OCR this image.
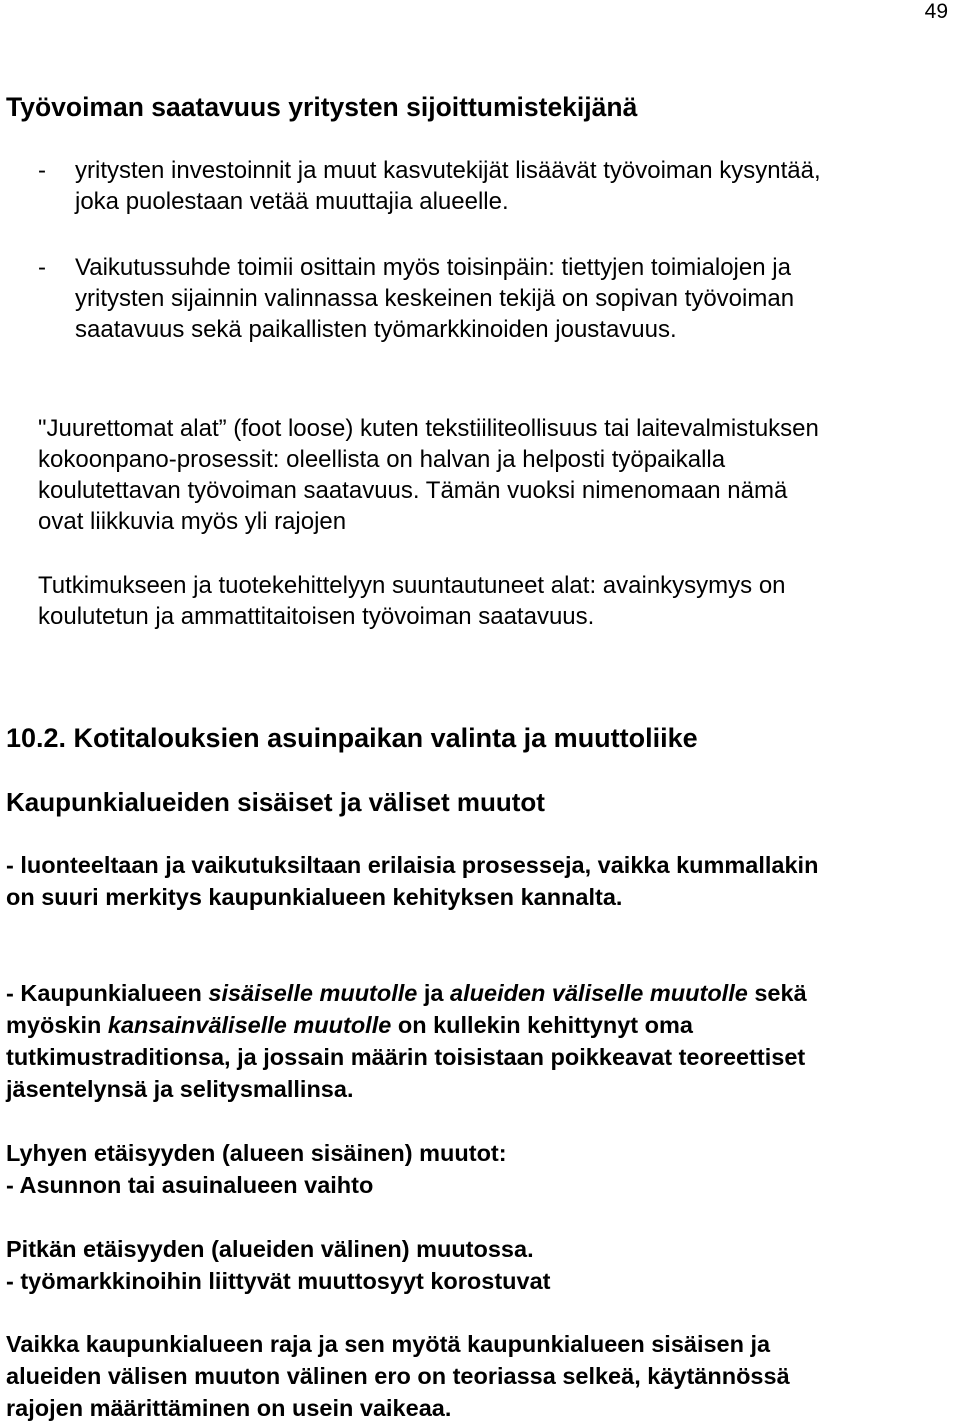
49
Työvoiman saatavuus yritysten sijoittumistekijänä
- yritysten investoinnit ja muut kasvutekijät lisäävät työvoiman kysyntää, joka puolestaan vetää muuttajia alueelle.
- Vaikutussuhde toimii osittain myös toisinpäin: tiettyjen toimialojen ja yritysten sijainnin valinnassa keskeinen tekijä on sopivan työvoiman saatavuus sekä paikallisten työmarkkinoiden joustavuus.

"Juurettomat alat” (foot loose) kuten tekstiiliteollisuus tai laitevalmistuksen kokoonpano-prosessit: oleellista on halvan ja helposti työpaikalla koulutettavan työvoiman saatavuus. Tämän vuoksi nimenomaan nämä ovat liikkuvia myös yli rajojen

Tutkimukseen ja tuotekehittelyyn suuntautuneet alat: avainkysymys on koulutetun ja ammattitaitoisen työvoiman saatavuus.

10.2. Kotitalouksien asuinpaikan valinta ja muuttoliike
Kaupunkialueiden sisäiset ja väliset muutot

- luonteeltaan ja vaikutuksiltaan erilaisia prosesseja, vaikka kummallakin on suuri merkitys kaupunkialueen kehityksen kannalta.

- Kaupunkialueen sisäiselle muutolle ja alueiden väliselle muutolle sekä myöskin kansainväliselle muutolle on kullekin kehittynyt oma tutkimustraditionsa, ja jossain määrin toisistaan poikkeavat teoreettiset jäsentelynsä ja selitysmallinsa.

Lyhyen etäisyyden (alueen sisäinen) muutot:

- Asunnon tai asuinalueen vaihto

Pitkän etäisyyden (alueiden välinen) muutossa.

- työmarkkinoihin liittyvät muuttosyyt korostuvat

Vaikka kaupunkialueen raja ja sen myötä kaupunkialueen sisäisen ja alueiden välisen muuton välinen ero on teoriassa selkeä, käytännössä rajojen määrittäminen on usein vaikeaa.
